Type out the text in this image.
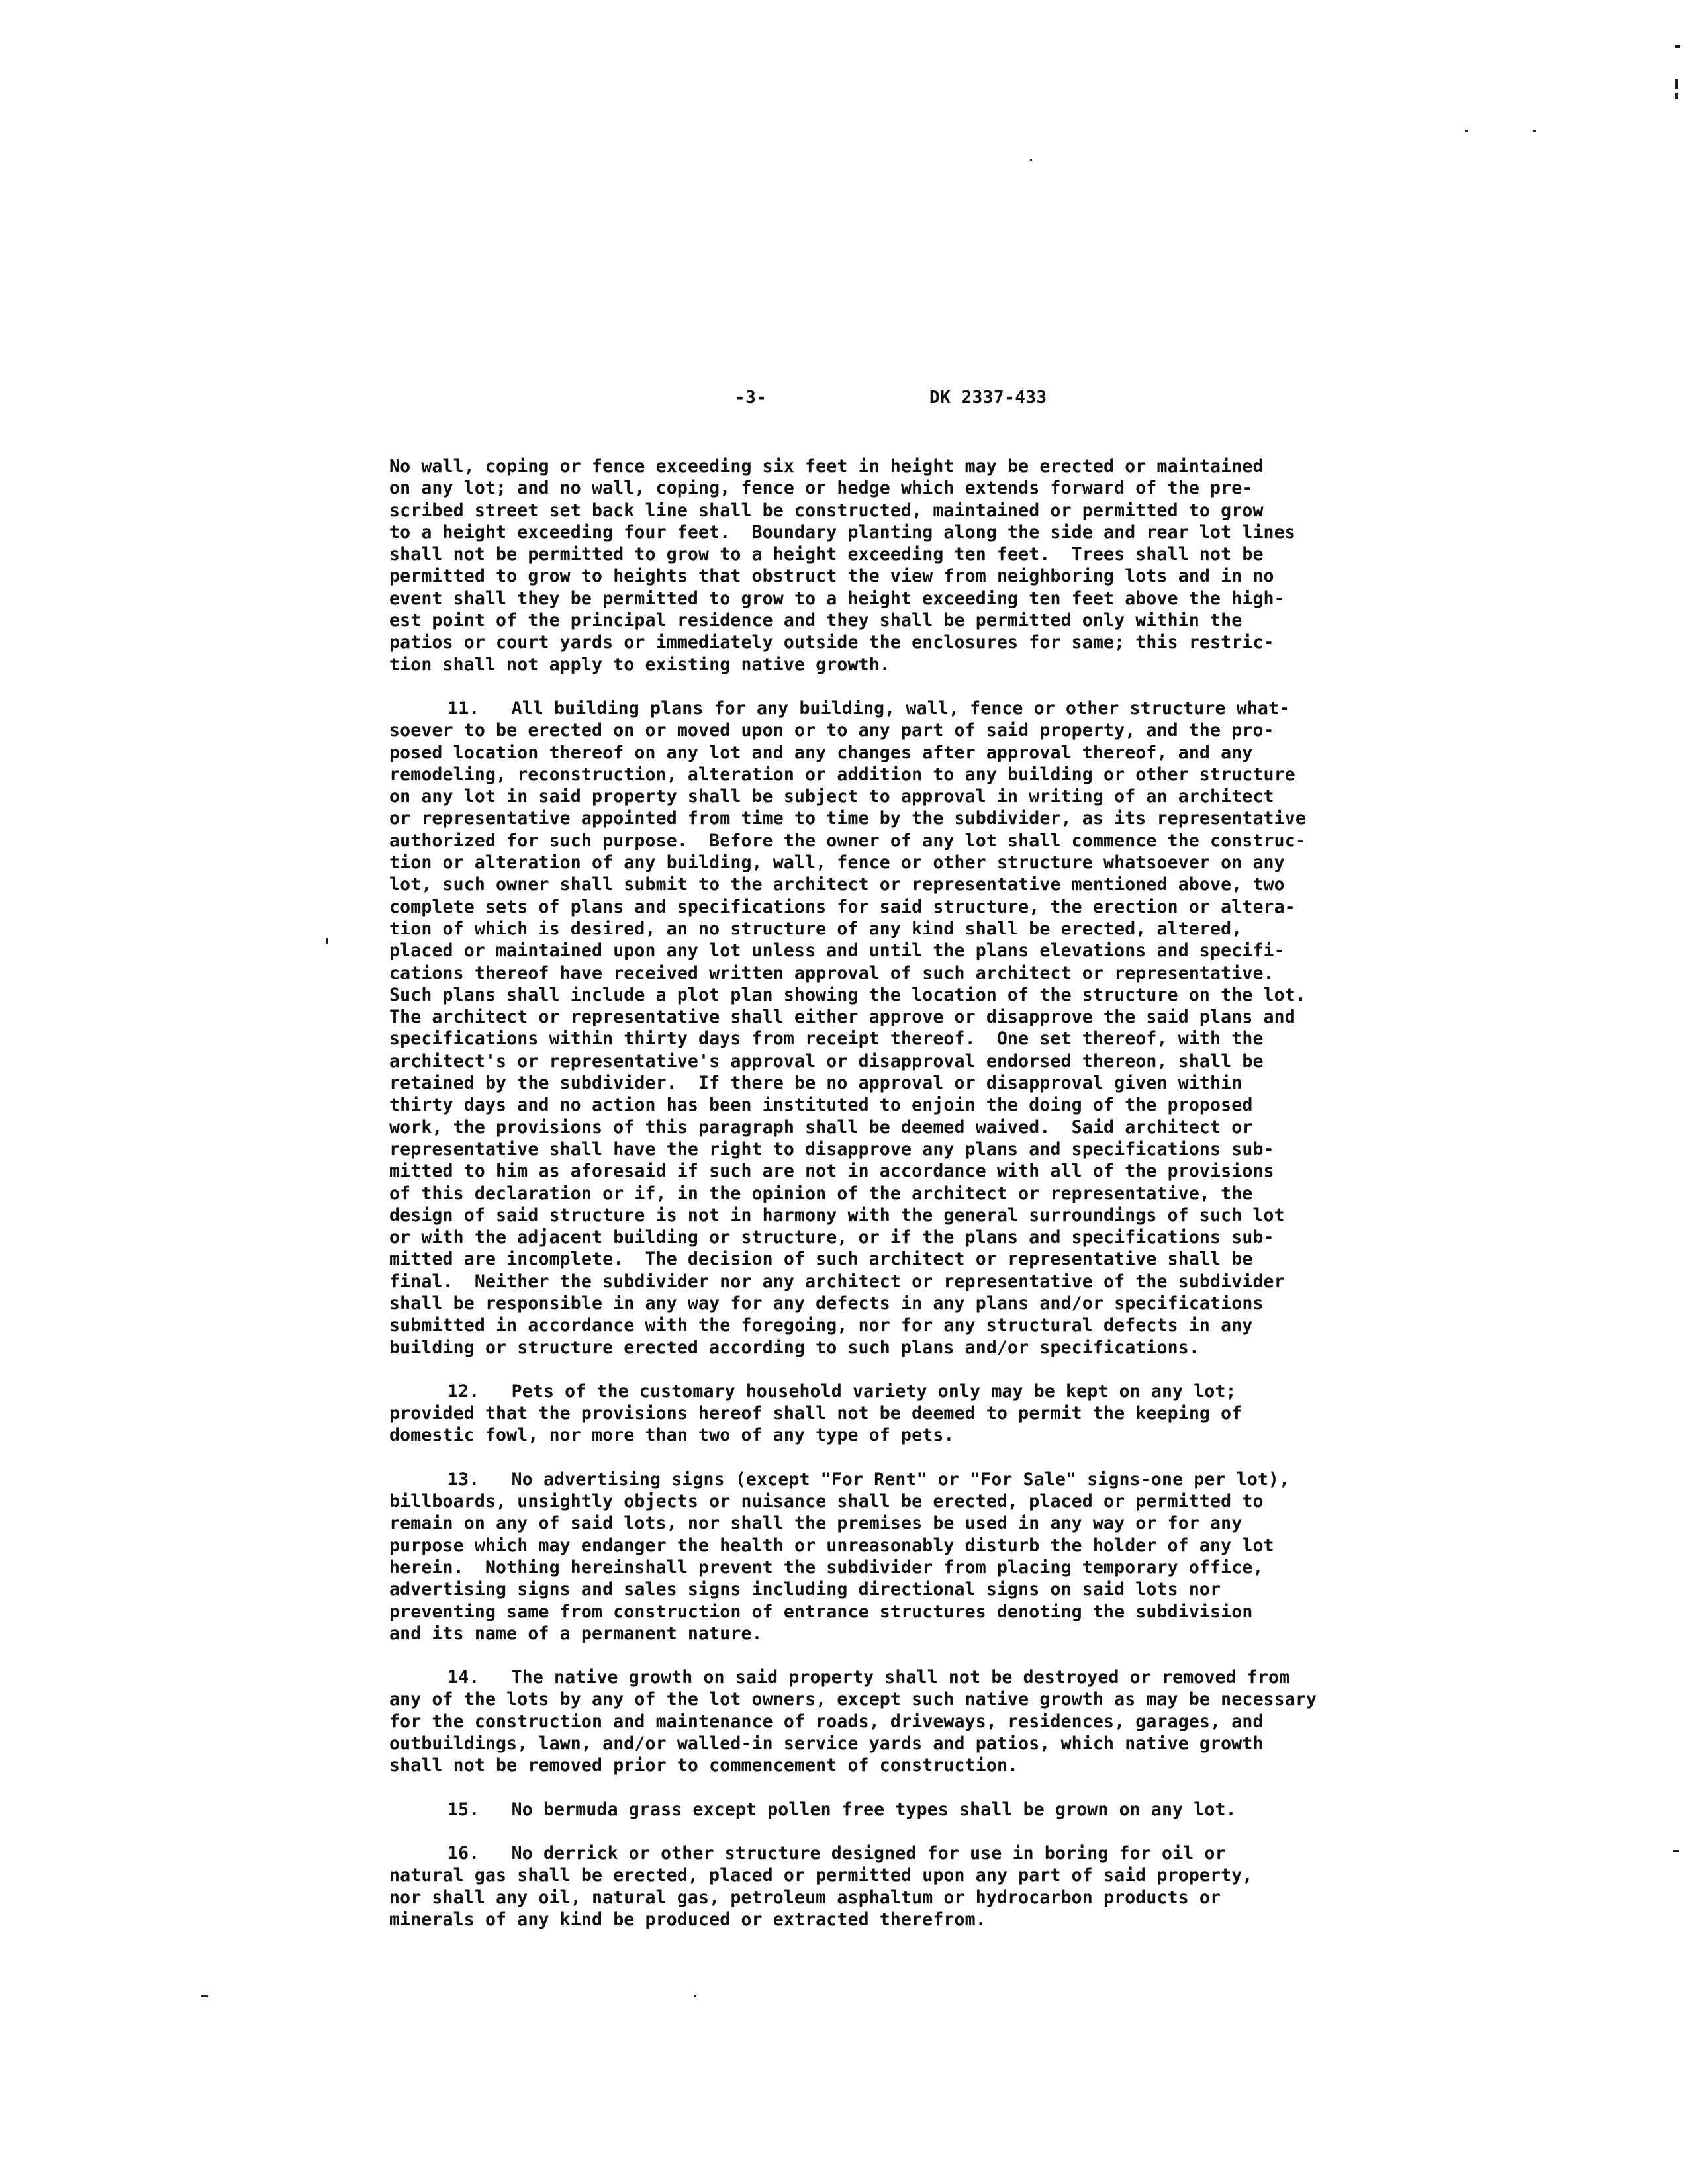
-3-	DK 2337-433
No wall, coping or fence exceeding six feet in height may be erected or maintained
on any lot; and no wall, coping, fence or hedge which extends forward of the pre-
scribed street set back line shall be constructed, maintained or permitted to grow
to a height exceeding four feet.  Boundary planting along the side and rear lot lines
shall not be permitted to grow to a height exceeding ten feet.  Trees shall not be
permitted to grow to heights that obstruct the view from neighboring lots and in no
event shall they be permitted to grow to a height exceeding ten feet above the high-
est point of the principal residence and they shall be permitted only within the
patios or court yards or immediately outside the enclosures for same; this restric-
tion shall not apply to existing native growth.
11.   All building plans for any building, wall, fence or other structure what-
soever to be erected on or moved upon or to any part of said property, and the pro-
posed location thereof on any lot and any changes after approval thereof, and any
remodeling, reconstruction, alteration or addition to any building or other structure
on any lot in said property shall be subject to approval in writing of an architect
or representative appointed from time to time by the subdivider, as its representative
authorized for such purpose.  Before the owner of any lot shall commence the construc-
tion or alteration of any building, wall, fence or other structure whatsoever on any
lot, such owner shall submit to the architect or representative mentioned above, two
complete sets of plans and specifications for said structure, the erection or altera-
tion of which is desired, an no structure of any kind shall be erected, altered,
placed or maintained upon any lot unless and until the plans elevations and specifi-
cations thereof have received written approval of such architect or representative.
Such plans shall include a plot plan showing the location of the structure on the lot.
The architect or representative shall either approve or disapprove the said plans and
specifications within thirty days from receipt thereof.  One set thereof, with the
architect's or representative's approval or disapproval endorsed thereon, shall be
retained by the subdivider.  If there be no approval or disapproval given within
thirty days and no action has been instituted to enjoin the doing of the proposed
work, the provisions of this paragraph shall be deemed waived.  Said architect or
representative shall have the right to disapprove any plans and specifications sub-
mitted to him as aforesaid if such are not in accordance with all of the provisions
of this declaration or if, in the opinion of the architect or representative, the
design of said structure is not in harmony with the general surroundings of such lot
or with the adjacent building or structure, or if the plans and specifications sub-
mitted are incomplete.  The decision of such architect or representative shall be
final.  Neither the subdivider nor any architect or representative of the subdivider
shall be responsible in any way for any defects in any plans and/or specifications
submitted in accordance with the foregoing, nor for any structural defects in any
building or structure erected according to such plans and/or specifications.
12.   Pets of the customary household variety only may be kept on any lot;
provided that the provisions hereof shall not be deemed to permit the keeping of
domestic fowl, nor more than two of any type of pets.
13.   No advertising signs (except "For Rent" or "For Sale" signs-one per lot),
billboards, unsightly objects or nuisance shall be erected, placed or permitted to
remain on any of said lots, nor shall the premises be used in any way or for any
purpose which may endanger the health or unreasonably disturb the holder of any lot
herein.  Nothing hereinshall prevent the subdivider from placing temporary office,
advertising signs and sales signs including directional signs on said lots nor
preventing same from construction of entrance structures denoting the subdivision
and its name of a permanent nature.
14.   The native growth on said property shall not be destroyed or removed from
any of the lots by any of the lot owners, except such native growth as may be necessary
for the construction and maintenance of roads, driveways, residences, garages, and
outbuildings, lawn, and/or walled-in service yards and patios, which native growth
shall not be removed prior to commencement of construction.
15.   No bermuda grass except pollen free types shall be grown on any lot.
16.   No derrick or other structure designed for use in boring for oil or
natural gas shall be erected, placed or permitted upon any part of said property,
nor shall any oil, natural gas, petroleum asphaltum or hydrocarbon products or
minerals of any kind be produced or extracted therefrom.
